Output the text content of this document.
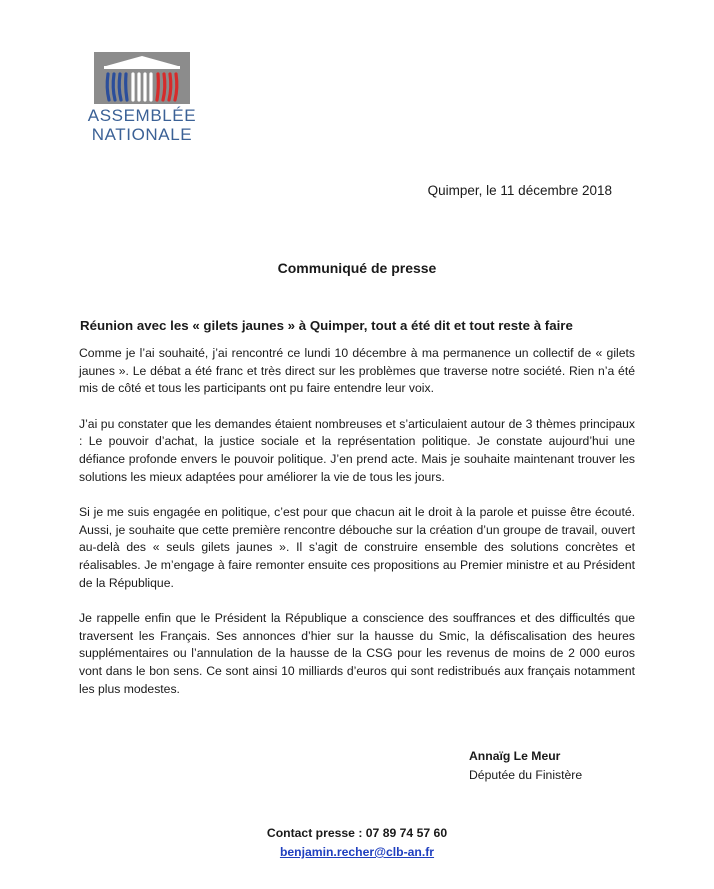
ASSEMBLÉE
NATIONALE
Quimper, le 11 décembre 2018
Communiqué de presse
Réunion avec les « gilets jaunes » à Quimper, tout a été dit et tout reste à faire

Comme je l’ai souhaité, j’ai rencontré ce lundi 10 décembre à ma permanence un collectif de « gilets jaunes ». Le débat a été franc et très direct sur les problèmes que traverse notre société. Rien n’a été mis de côté et tous les participants ont pu faire entendre leur voix.

J’ai pu constater que les demandes étaient nombreuses et s’articulaient autour de 3 thèmes principaux : Le pouvoir d’achat, la justice sociale et la représentation politique. Je constate aujourd’hui une défiance profonde envers le pouvoir politique. J’en prend acte. Mais je souhaite maintenant trouver les solutions les mieux adaptées pour améliorer la vie de tous les jours.

Si je me suis engagée en politique, c’est pour que chacun ait le droit à la parole et puisse être écouté. Aussi, je souhaite que cette première rencontre débouche sur la création d’un groupe de travail, ouvert au-delà des « seuls gilets jaunes ». Il s’agit de construire ensemble des solutions concrètes et réalisables. Je m’engage à faire remonter ensuite ces propositions au Premier ministre et au Président de la République.

Je rappelle enfin que le Président la République a conscience des souffrances et des difficultés que traversent les Français. Ses annonces d’hier sur la hausse du Smic, la défiscalisation des heures supplémentaires ou l’annulation de la hausse de la CSG pour les revenus de moins de 2 000 euros vont dans le bon sens. Ce sont ainsi 10 milliards d’euros qui sont redistribués aux français notamment les plus modestes.

Annaïg Le Meur
Députée du Finistère
Contact presse : 07 89 74 57 60
benjamin.recher@clb-an.fr
